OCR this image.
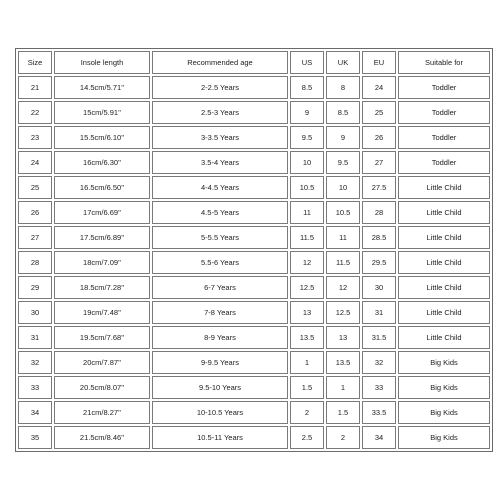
Size	Insole length	Recommended age	US	UK	EU	Suitable for
21	14.5cm/5.71''	2-2.5 Years	8.5	8	24	Toddler
22	15cm/5.91''	2.5-3 Years	9	8.5	25	Toddler
23	15.5cm/6.10''	3-3.5 Years	9.5	9	26	Toddler
24	16cm/6.30''	3.5-4 Years	10	9.5	27	Toddler
25	16.5cm/6.50''	4-4.5 Years	10.5	10	27.5	Little Child
26	17cm/6.69''	4.5-5 Years	11	10.5	28	Little Child
27	17.5cm/6.89''	5-5.5 Years	11.5	11	28.5	Little Child
28	18cm/7.09''	5.5-6 Years	12	11.5	29.5	Little Child
29	18.5cm/7.28''	6-7 Years	12.5	12	30	Little Child
30	19cm/7.48''	7-8 Years	13	12.5	31	Little Child
31	19.5cm/7.68''	8-9 Years	13.5	13	31.5	Little Child
32	20cm/7.87''	9-9.5 Years	1	13.5	32	Big Kids
33	20.5cm/8.07''	9.5-10 Years	1.5	1	33	Big Kids
34	21cm/8.27''	10-10.5 Years	2	1.5	33.5	Big Kids
35	21.5cm/8.46''	10.5-11 Years	2.5	2	34	Big Kids
